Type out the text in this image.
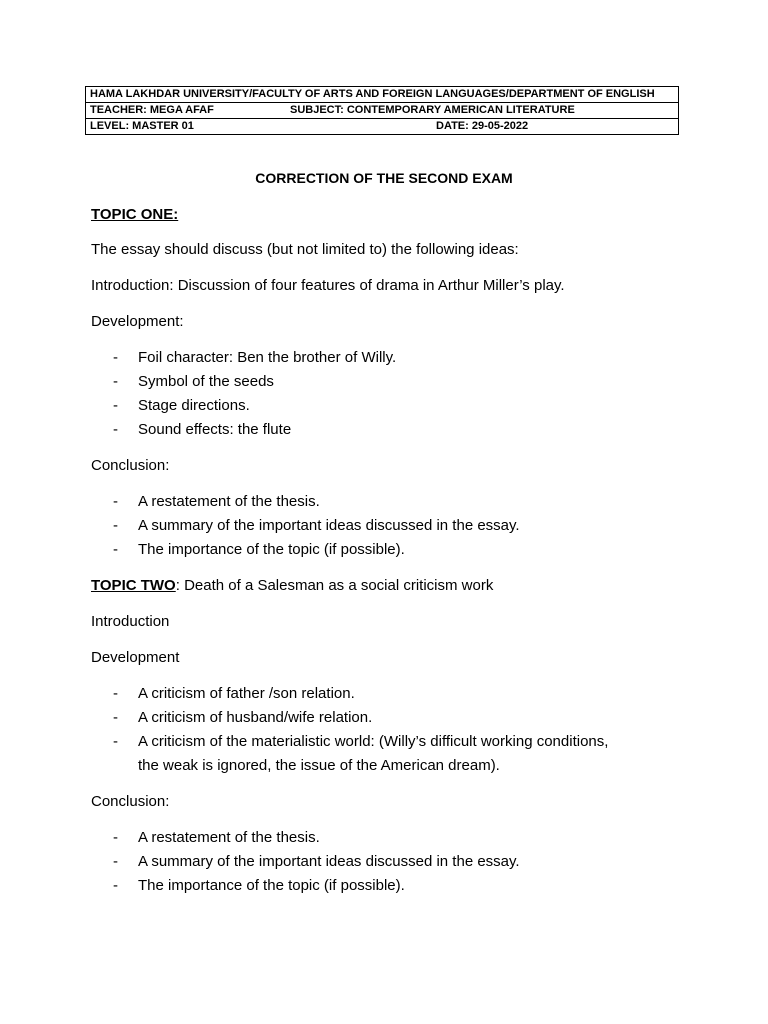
HAMA LAKHDAR UNIVERSITY/FACULTY OF ARTS AND FOREIGN LANGUAGES/DEPARTMENT OF ENGLISH
TEACHER: MEGA AFAF	SUBJECT: CONTEMPORARY AMERICAN LITERATURE
LEVEL: MASTER 01	DATE: 29-05-2022
CORRECTION OF THE SECOND EXAM
TOPIC ONE:
The essay should discuss (but not limited to) the following ideas:
Introduction: Discussion of four features of drama in Arthur Miller’s play.
Development:
- Foil character: Ben the brother of Willy.
- Symbol of the seeds
- Stage directions.
- Sound effects: the flute
Conclusion:
- A restatement of the thesis.
- A summary of the important ideas discussed in the essay.
- The importance of the topic (if possible).
TOPIC TWO: Death of a Salesman as a social criticism work
Introduction
Development
- A criticism of father /son relation.
- A criticism of husband/wife relation.
- A criticism of the materialistic world: (Willy’s difficult working conditions,
the weak is ignored, the issue of the American dream).
Conclusion:
- A restatement of the thesis.
- A summary of the important ideas discussed in the essay.
- The importance of the topic (if possible).
